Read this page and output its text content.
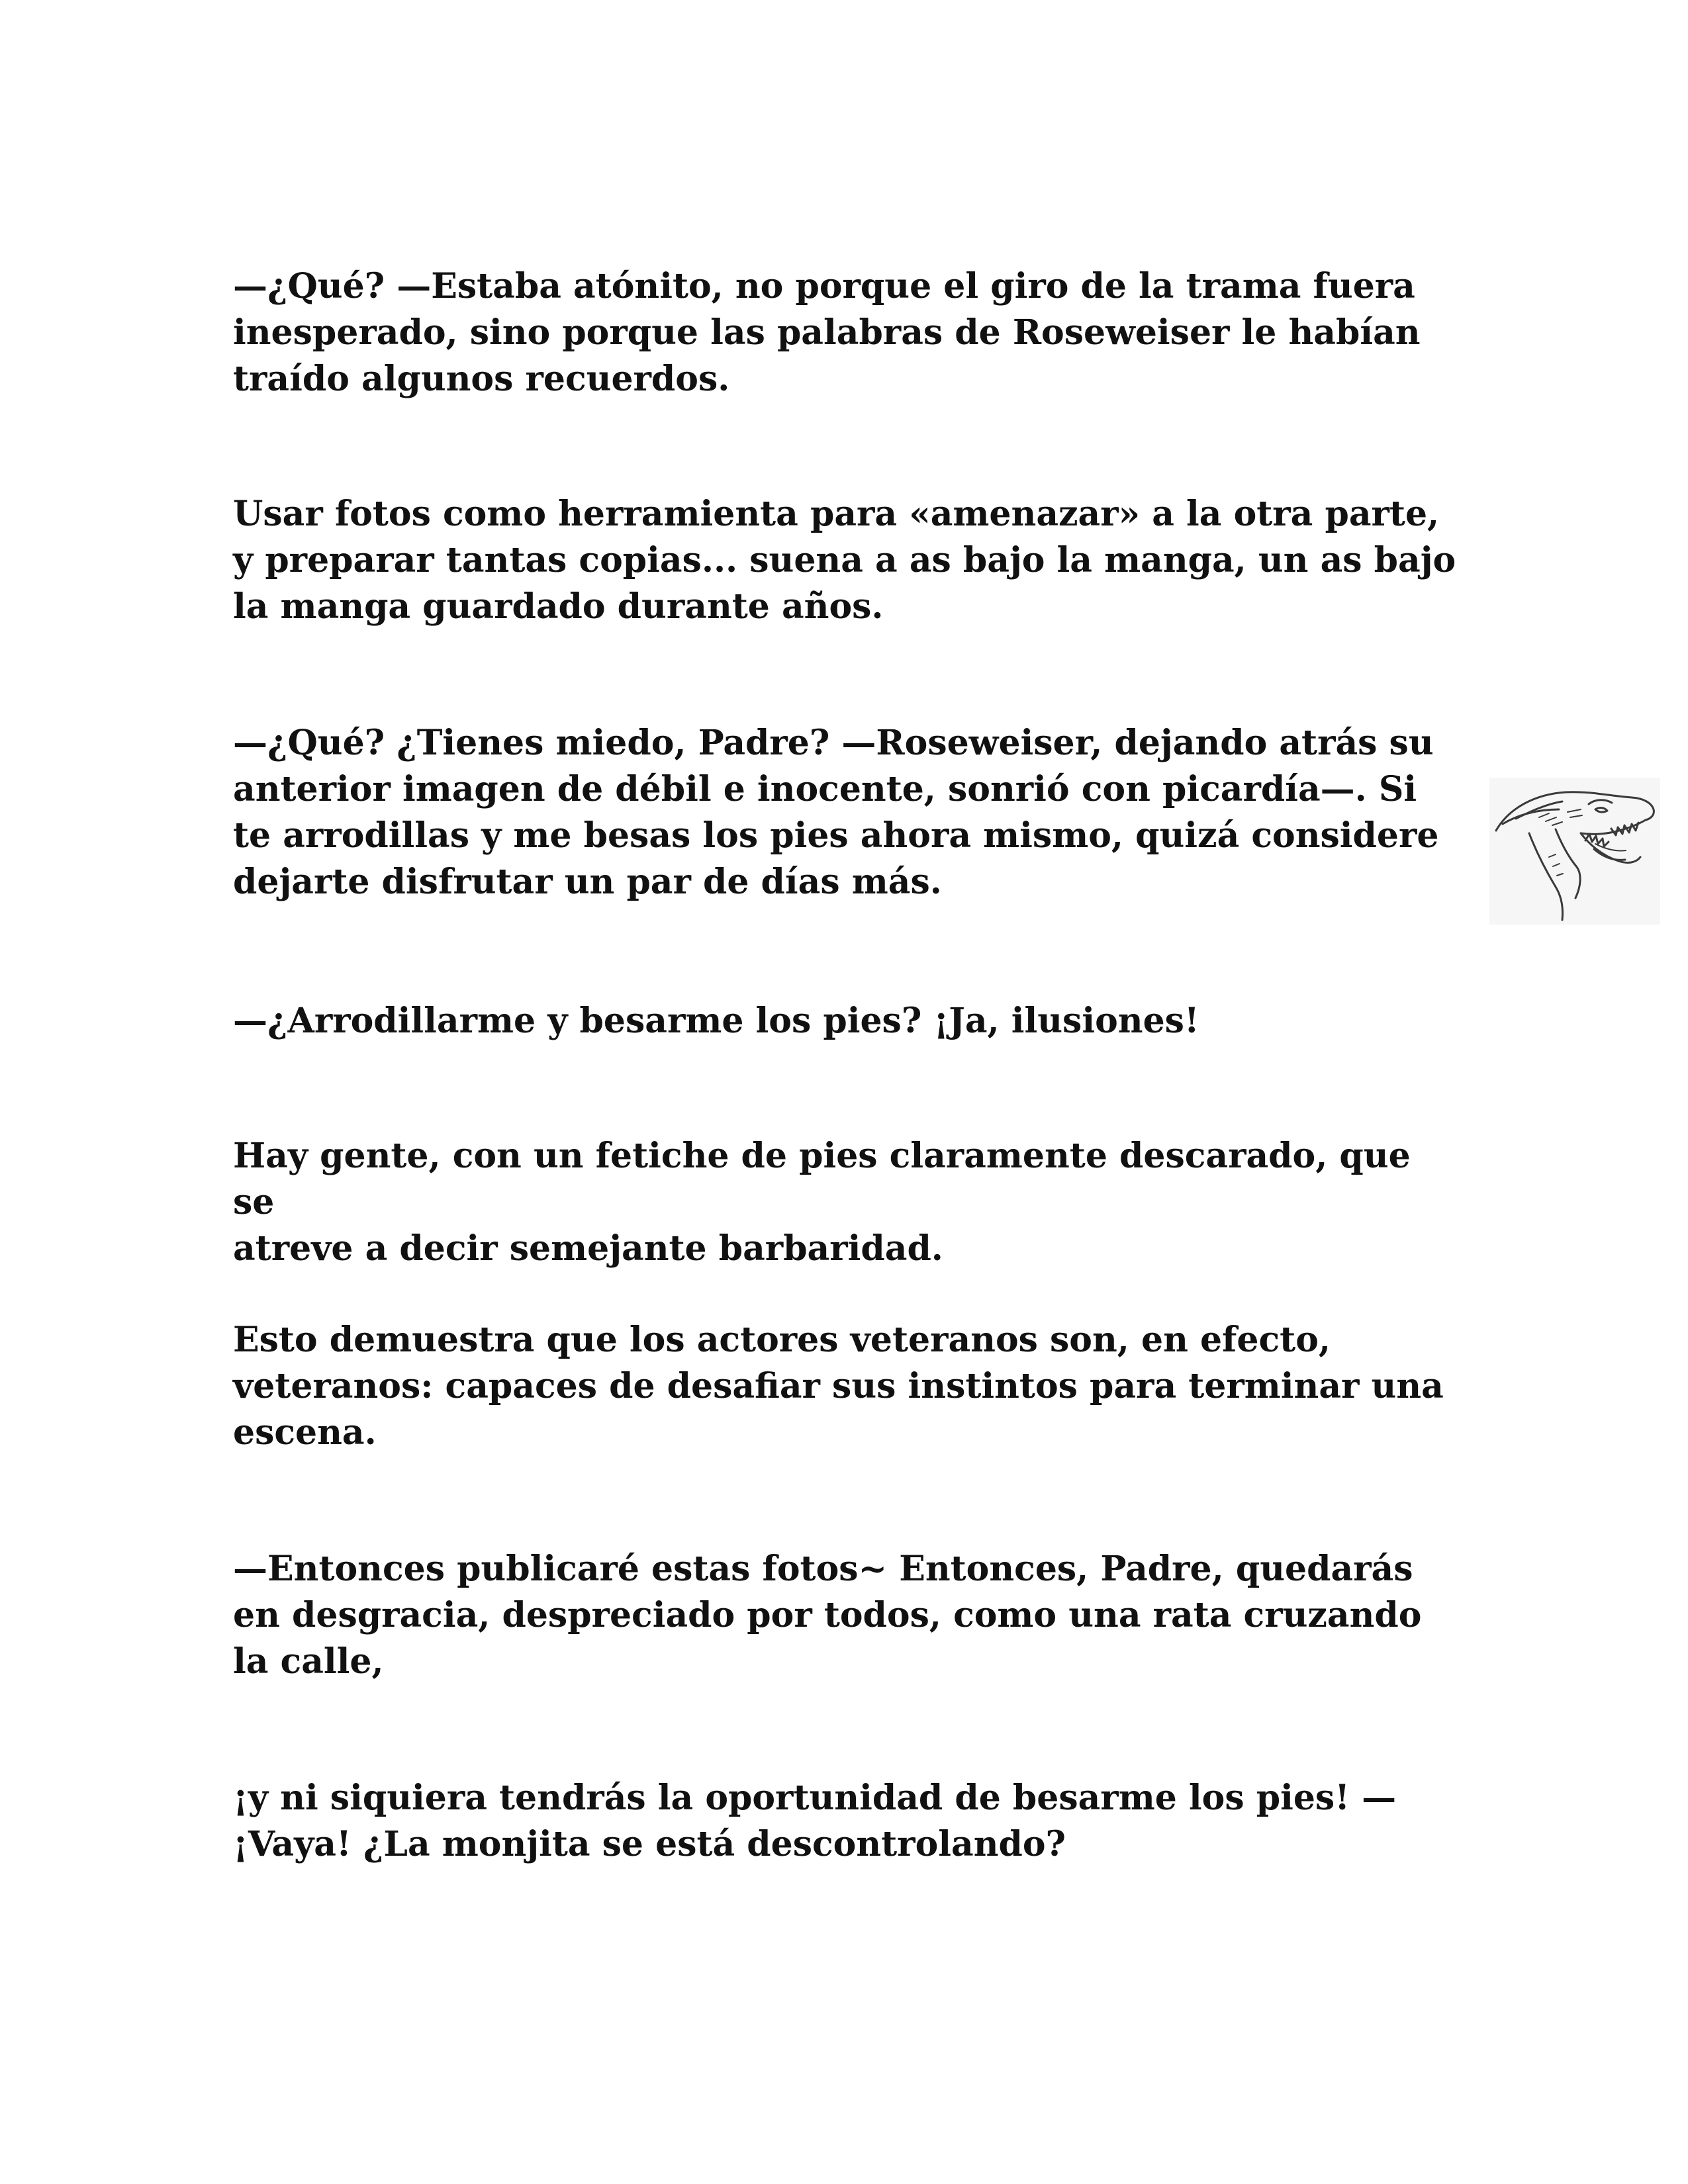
—¿Qué? —Estaba atónito, no porque el giro de la trama fuera
inesperado, sino porque las palabras de Roseweiser le habían
traído algunos recuerdos.

Usar fotos como herramienta para «amenazar» a la otra parte,
y preparar tantas copias... suena a as bajo la manga, un as bajo
la manga guardado durante años.

—¿Qué? ¿Tienes miedo, Padre? —Roseweiser, dejando atrás su
anterior imagen de débil e inocente, sonrió con picardía—. Si
te arrodillas y me besas los pies ahora mismo, quizá considere
dejarte disfrutar un par de días más.

—¿Arrodillarme y besarme los pies? ¡Ja, ilusiones!

Hay gente, con un fetiche de pies claramente descarado, que se
atreve a decir semejante barbaridad.

Esto demuestra que los actores veteranos son, en efecto,
veteranos: capaces de desafiar sus instintos para terminar una
escena.

—Entonces publicaré estas fotos~ Entonces, Padre, quedarás
en desgracia, despreciado por todos, como una rata cruzando
la calle,

¡y ni siquiera tendrás la oportunidad de besarme los pies! —
¡Vaya! ¿La monjita se está descontrolando?
